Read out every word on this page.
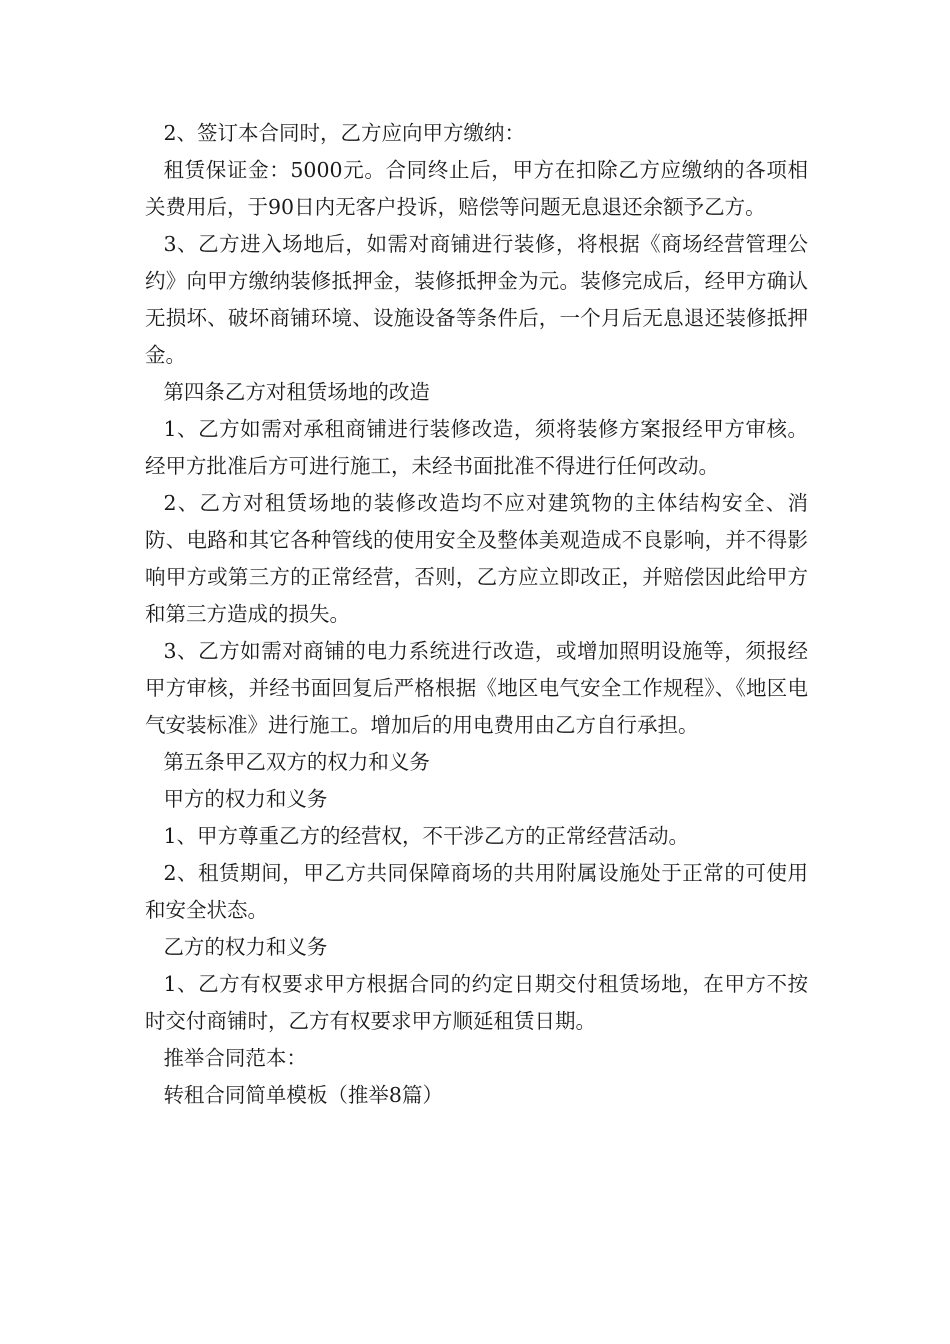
2、签订本合同时，乙方应向甲方缴纳：

租赁保证金：5000元。合同终止后，甲方在扣除乙方应缴纳的各项相关费用后，于90日内无客户投诉，赔偿等问题无息退还余额予乙方。

3、乙方进入场地后，如需对商铺进行装修，将根据《商场经营管理公约》向甲方缴纳装修抵押金，装修抵押金为元。装修完成后，经甲方确认无损坏、破坏商铺环境、设施设备等条件后，一个月后无息退还装修抵押金。

第四条乙方对租赁场地的改造

1、乙方如需对承租商铺进行装修改造，须将装修方案报经甲方审核。经甲方批准后方可进行施工，未经书面批准不得进行任何改动。

2、乙方对租赁场地的装修改造均不应对建筑物的主体结构安全、消防、电路和其它各种管线的使用安全及整体美观造成不良影响，并不得影响甲方或第三方的正常经营，否则，乙方应立即改正，并赔偿因此给甲方和第三方造成的损失。

3、乙方如需对商铺的电力系统进行改造，或增加照明设施等，须报经甲方审核，并经书面回复后严格根据《地区电气安全工作规程》、《地区电气安装标准》进行施工。增加后的用电费用由乙方自行承担。

第五条甲乙双方的权力和义务

甲方的权力和义务

1、甲方尊重乙方的经营权，不干涉乙方的正常经营活动。

2、租赁期间，甲乙方共同保障商场的共用附属设施处于正常的可使用和安全状态。

乙方的权力和义务

1、乙方有权要求甲方根据合同的约定日期交付租赁场地，在甲方不按时交付商铺时，乙方有权要求甲方顺延租赁日期。

推举合同范本：

转租合同简单模板（推举8篇）
